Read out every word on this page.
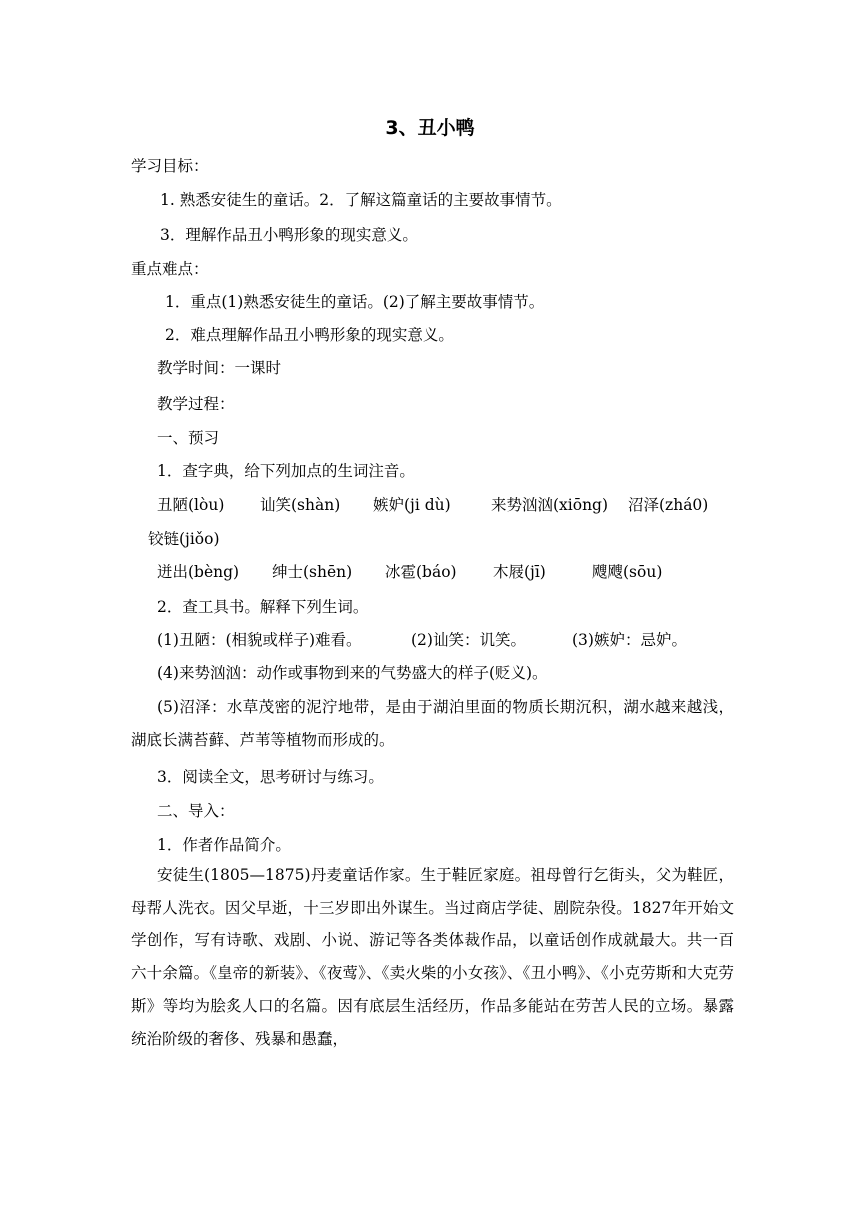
3、丑小鸭
学习目标：
1. 熟悉安徒生的童话。2．了解这篇童话的主要故事情节。
3．理解作品丑小鸭形象的现实意义。
重点难点：
1．重点(1)熟悉安徒生的童话。(2)了解主要故事情节。
2．难点理解作品丑小鸭形象的现实意义。
教学时间：一课时
教学过程：
一、预习
1．查字典，给下列加点的生词注音。
丑陋(lòu) 讪笑(shàn) 嫉妒(ji dù)	来势汹汹(xiōng) 沼泽(zhá0)
铰链(jiǒo)
迸出(bèng) 绅士(shēn) 冰雹(báo) 木屐(jī)	飕飕(sōu)
2．查工具书。解释下列生词。
(1)丑陋：(相貌或样子)难看。	(2)讪笑：讥笑。	(3)嫉妒：忌妒。
(4)来势汹汹：动作或事物到来的气势盛大的样子(贬义)。
(5)沼泽：水草茂密的泥泞地带，是由于湖泊里面的物质长期沉积，湖水越来越浅，湖底长满苔藓、芦苇等植物而形成的。
3．阅读全文，思考研讨与练习。
二、导入：
1．作者作品简介。
安徒生(1805—1875)丹麦童话作家。生于鞋匠家庭。祖母曾行乞街头，父为鞋匠，母帮人洗衣。因父早逝，十三岁即出外谋生。当过商店学徒、剧院杂役。1827年开始文学创作，写有诗歌、戏剧、小说、游记等各类体裁作品，以童话创作成就最大。共一百六十余篇。《皇帝的新装》、《夜莺》、《卖火柴的小女孩》、《丑小鸭》、《小克劳斯和大克劳斯》等均为脍炙人口的名篇。因有底层生活经历，作品多能站在劳苦人民的立场。暴露统治阶级的奢侈、残暴和愚蠢，
